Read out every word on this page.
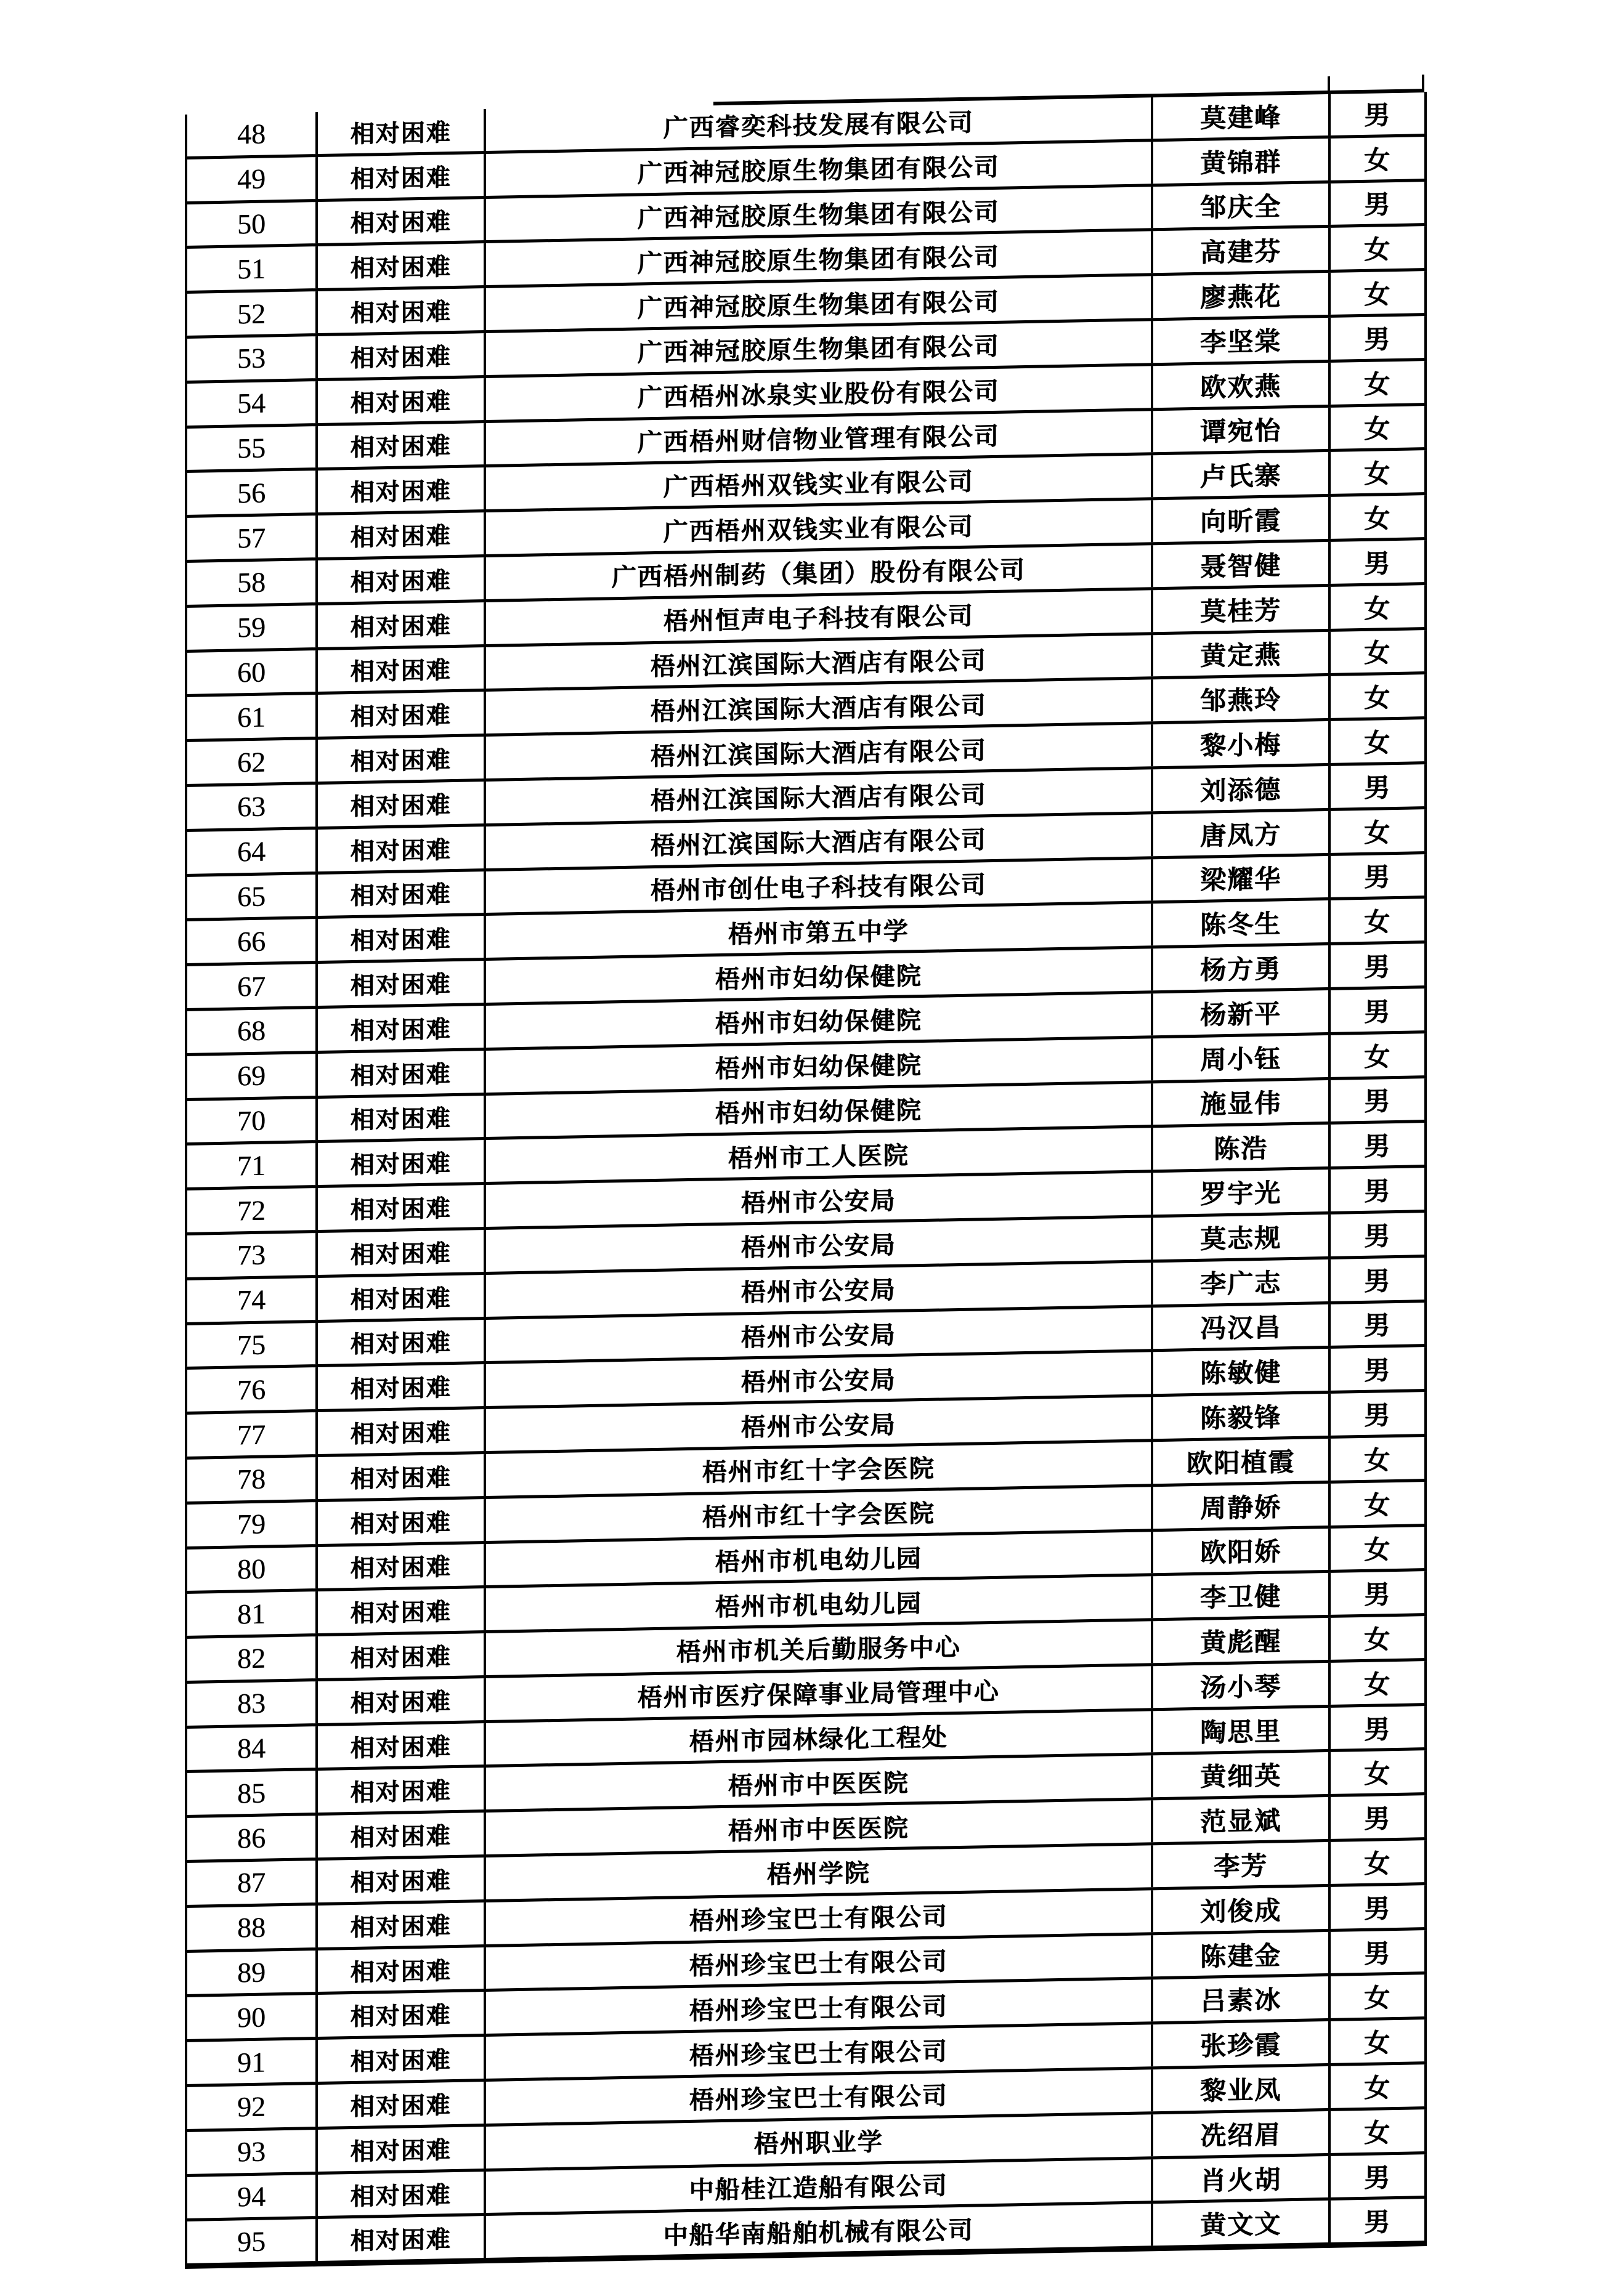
48	相对困难	广西睿奕科技发展有限公司	莫建峰	男
49	相对困难	广西神冠胶原生物集团有限公司	黄锦群	女
50	相对困难	广西神冠胶原生物集团有限公司	邹庆全	男
51	相对困难	广西神冠胶原生物集团有限公司	高建芬	女
52	相对困难	广西神冠胶原生物集团有限公司	廖燕花	女
53	相对困难	广西神冠胶原生物集团有限公司	李坚棠	男
54	相对困难	广西梧州冰泉实业股份有限公司	欧欢燕	女
55	相对困难	广西梧州财信物业管理有限公司	谭宛怡	女
56	相对困难	广西梧州双钱实业有限公司	卢氏寨	女
57	相对困难	广西梧州双钱实业有限公司	向昕霞	女
58	相对困难	广西梧州制药（集团）股份有限公司	聂智健	男
59	相对困难	梧州恒声电子科技有限公司	莫桂芳	女
60	相对困难	梧州江滨国际大酒店有限公司	黄定燕	女
61	相对困难	梧州江滨国际大酒店有限公司	邹燕玲	女
62	相对困难	梧州江滨国际大酒店有限公司	黎小梅	女
63	相对困难	梧州江滨国际大酒店有限公司	刘添德	男
64	相对困难	梧州江滨国际大酒店有限公司	唐凤方	女
65	相对困难	梧州市创仕电子科技有限公司	梁耀华	男
66	相对困难	梧州市第五中学	陈冬生	女
67	相对困难	梧州市妇幼保健院	杨方勇	男
68	相对困难	梧州市妇幼保健院	杨新平	男
69	相对困难	梧州市妇幼保健院	周小钰	女
70	相对困难	梧州市妇幼保健院	施显伟	男
71	相对困难	梧州市工人医院	陈浩	男
72	相对困难	梧州市公安局	罗宇光	男
73	相对困难	梧州市公安局	莫志规	男
74	相对困难	梧州市公安局	李广志	男
75	相对困难	梧州市公安局	冯汉昌	男
76	相对困难	梧州市公安局	陈敏健	男
77	相对困难	梧州市公安局	陈毅锋	男
78	相对困难	梧州市红十字会医院	欧阳植霞	女
79	相对困难	梧州市红十字会医院	周静娇	女
80	相对困难	梧州市机电幼儿园	欧阳娇	女
81	相对困难	梧州市机电幼儿园	李卫健	男
82	相对困难	梧州市机关后勤服务中心	黄彪醒	女
83	相对困难	梧州市医疗保障事业局管理中心	汤小琴	女
84	相对困难	梧州市园林绿化工程处	陶思里	男
85	相对困难	梧州市中医医院	黄细英	女
86	相对困难	梧州市中医医院	范显斌	男
87	相对困难	梧州学院	李芳	女
88	相对困难	梧州珍宝巴士有限公司	刘俊成	男
89	相对困难	梧州珍宝巴士有限公司	陈建金	男
90	相对困难	梧州珍宝巴士有限公司	吕素冰	女
91	相对困难	梧州珍宝巴士有限公司	张珍霞	女
92	相对困难	梧州珍宝巴士有限公司	黎业凤	女
93	相对困难	梧州职业学	冼绍眉	女
94	相对困难	中船桂江造船有限公司	肖火胡	男
95	相对困难	中船华南船舶机械有限公司	黄文文	男
